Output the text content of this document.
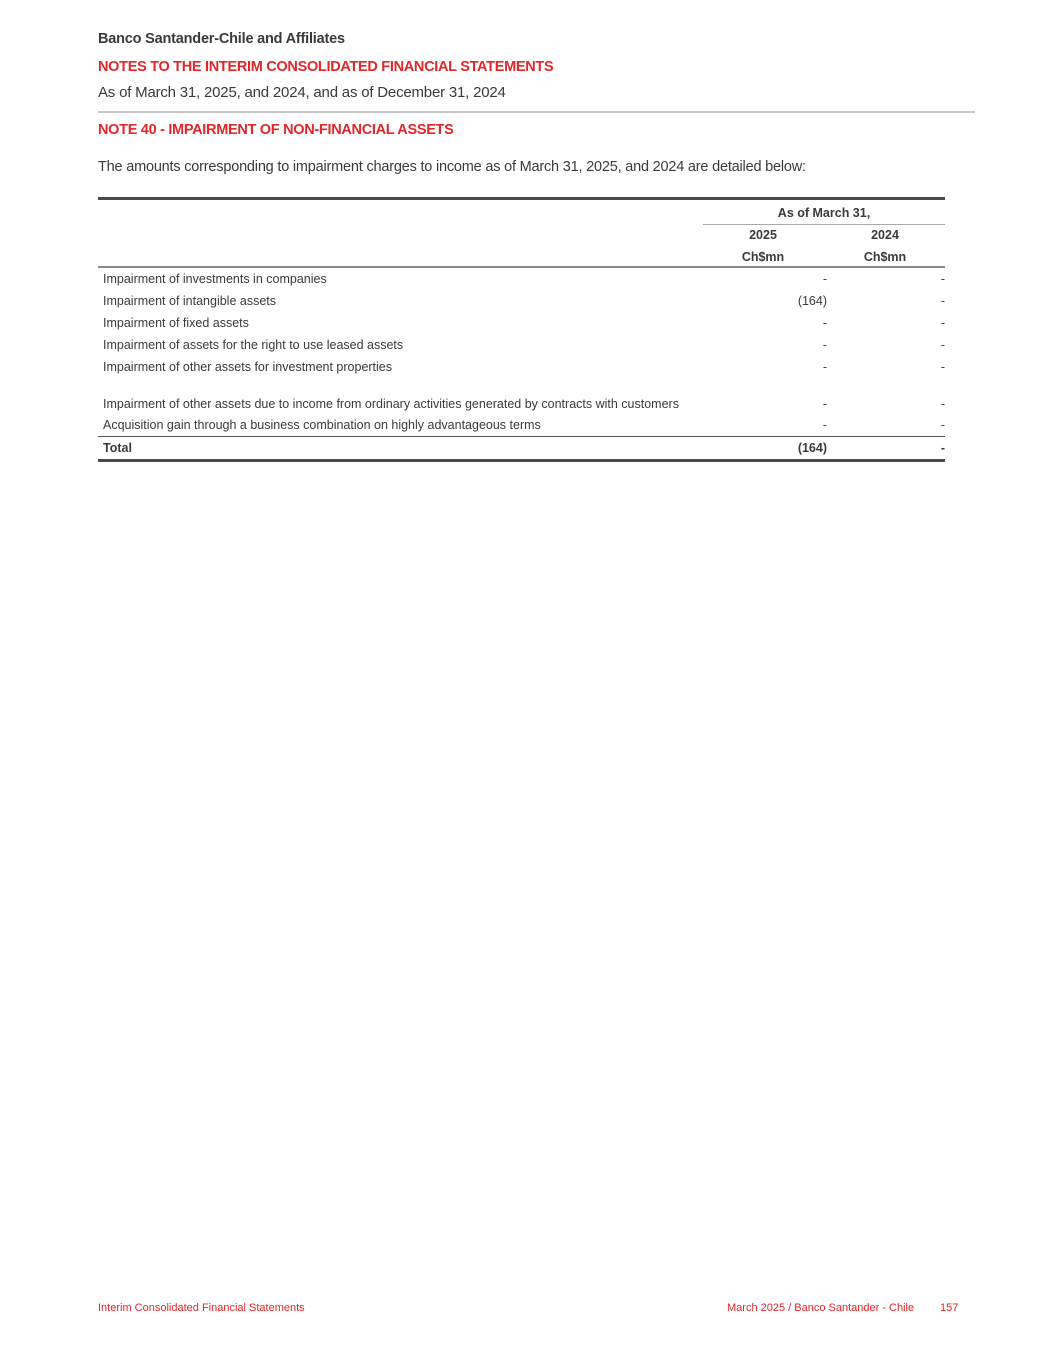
Banco Santander-Chile and Affiliates
NOTES TO THE INTERIM CONSOLIDATED FINANCIAL STATEMENTS
As of March 31, 2025, and 2024, and as of December 31, 2024
NOTE 40 - IMPAIRMENT OF NON-FINANCIAL ASSETS
The amounts corresponding to impairment charges to income as of March 31, 2025, and 2024 are detailed below:
As of March 31,
2025	2024
Ch$mn	Ch$mn
Impairment of investments in companies	-	-
Impairment of intangible assets	(164)	-
Impairment of fixed assets	-	-
Impairment of assets for the right to use leased assets	-	-
Impairment of other assets for investment properties	-	-
Impairment of other assets due to income from ordinary activities generated by contracts with customers	-	-
Acquisition gain through a business combination on highly advantageous terms	-	-
Total	(164)	-
Interim Consolidated Financial Statements	March 2025 / Banco Santander - Chile 157
